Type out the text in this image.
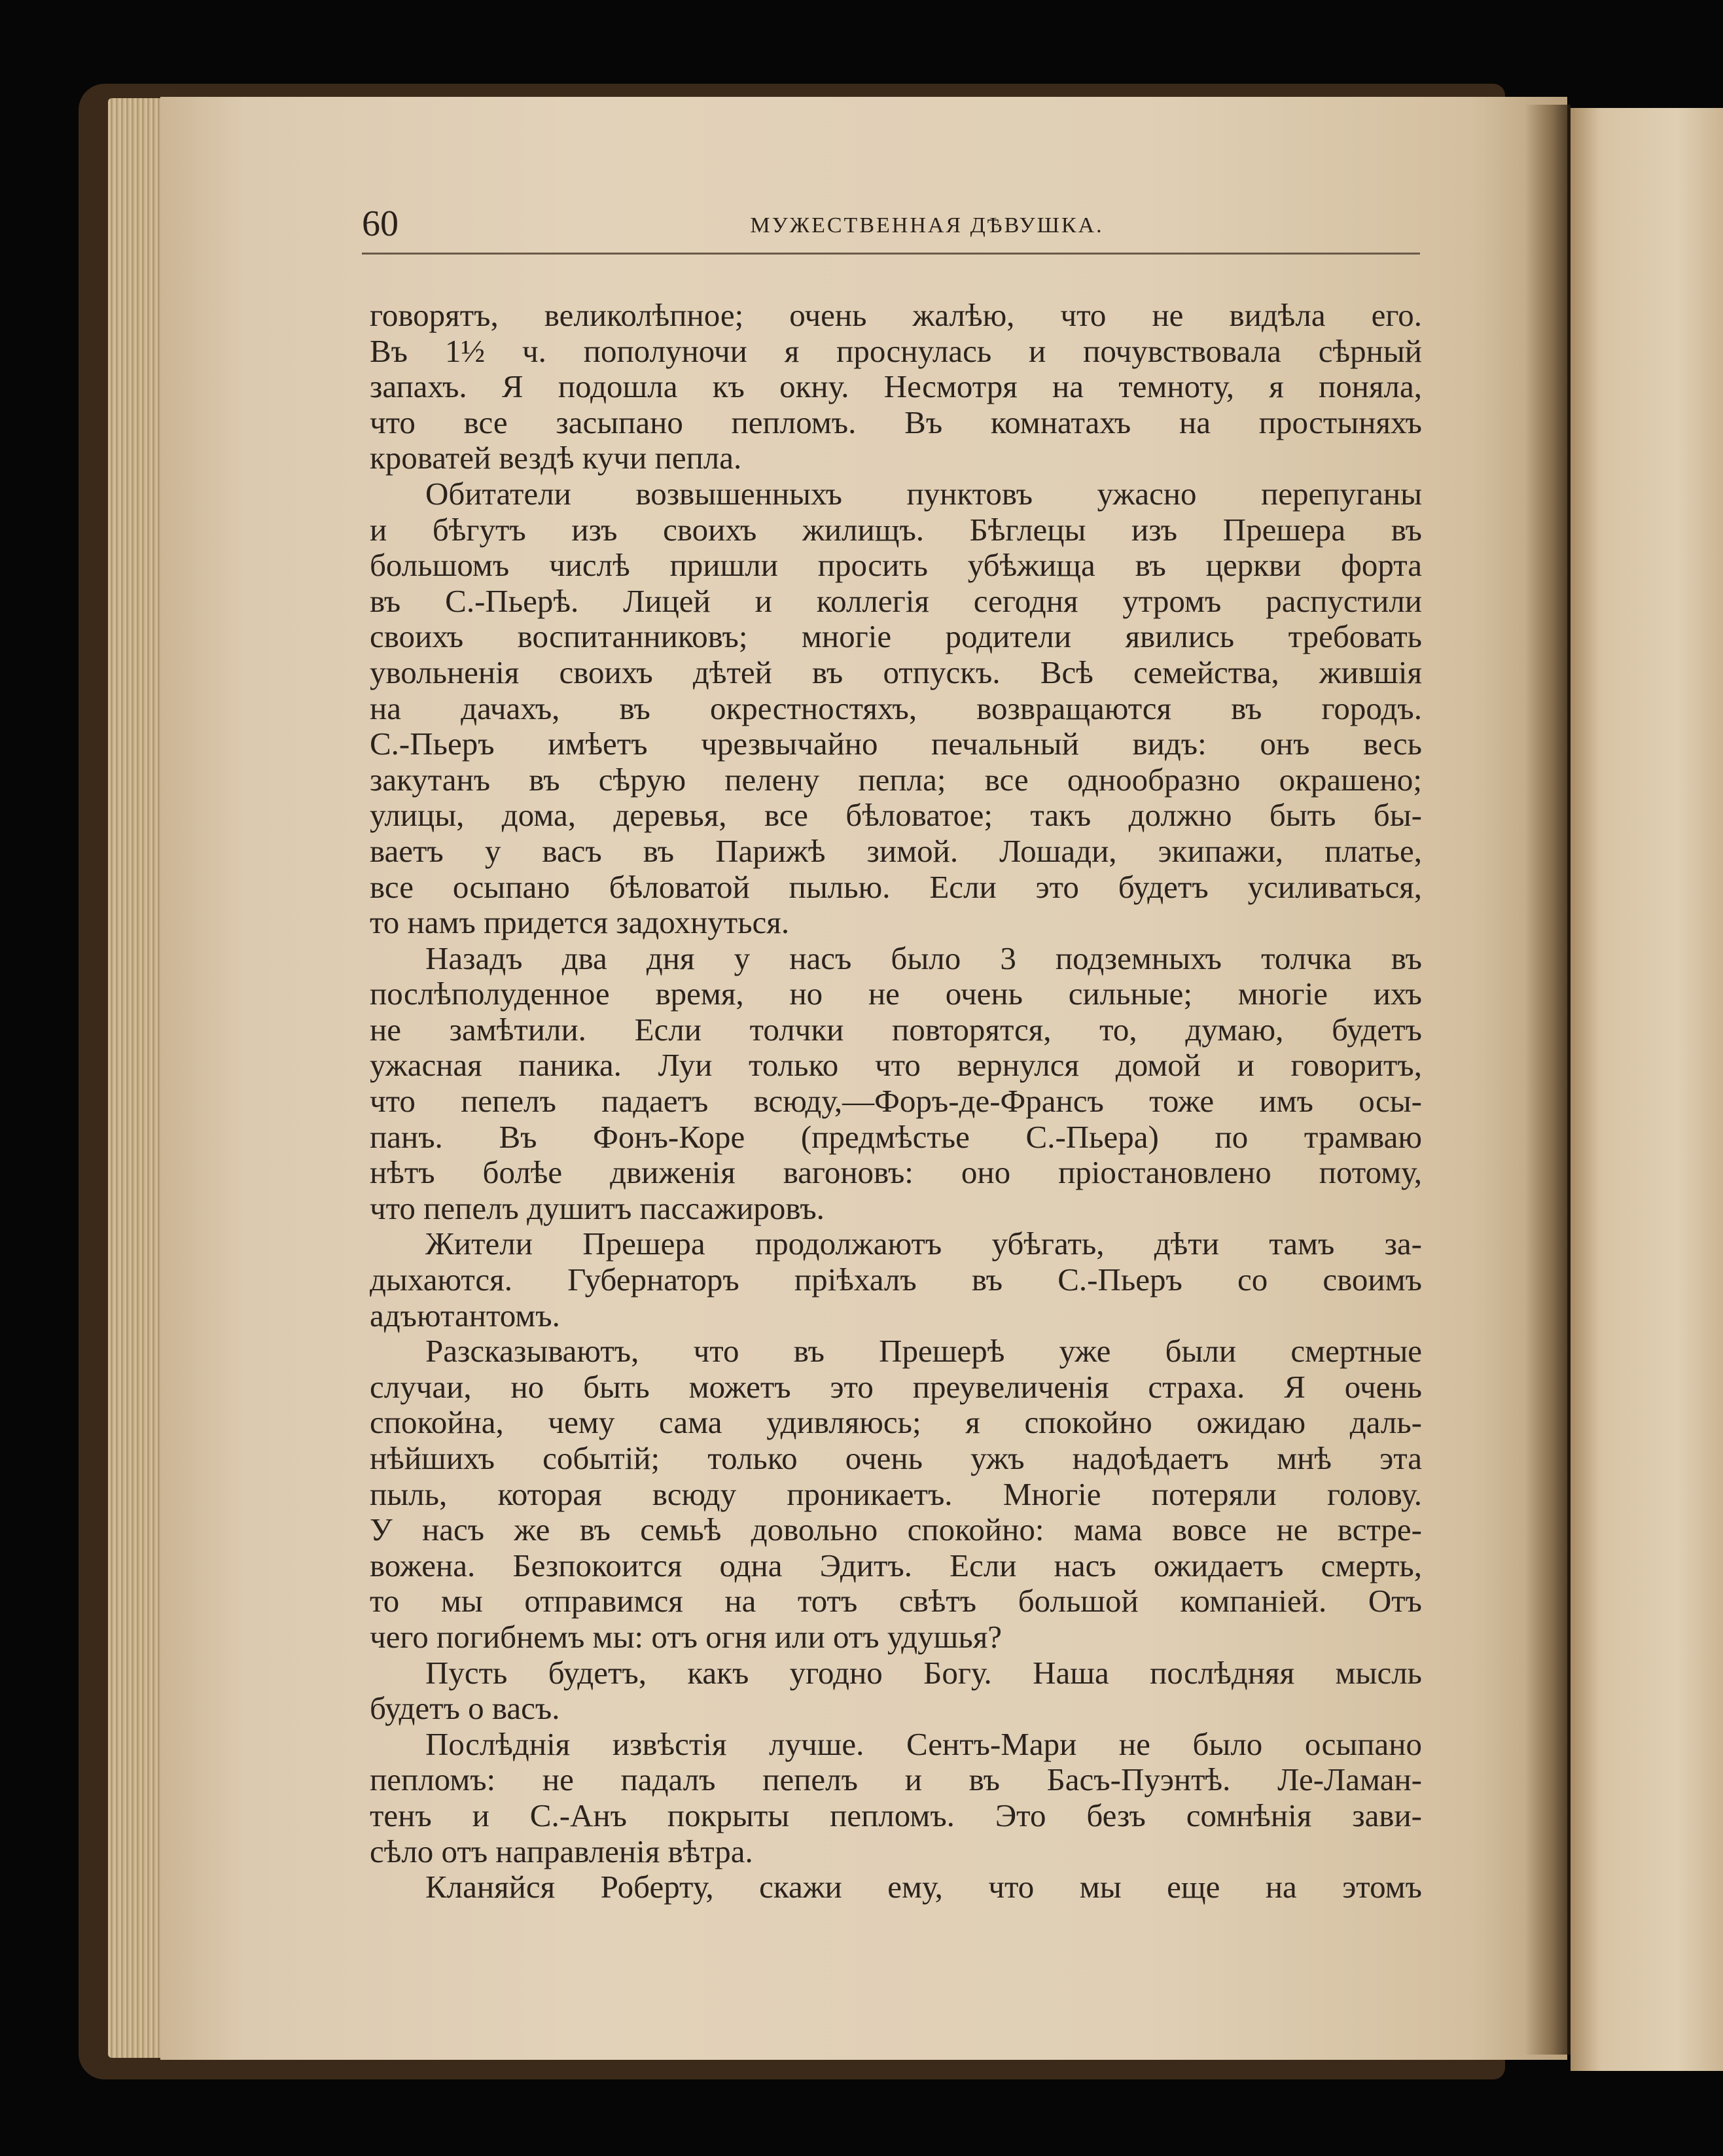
60	МУЖЕСТВЕННАЯ ДѢВУШКА.
говорятъ, великолѣпное; очень жалѣю, что не видѣла его.
Въ 1½ ч. пополуночи я проснулась и почувствовала сѣрный
запахъ. Я подошла къ окну. Несмотря на темноту, я поняла,
что все засыпано пепломъ. Въ комнатахъ на простыняхъ
кроватей вездѣ кучи пепла.
Обитатели возвышенныхъ пунктовъ ужасно перепуганы
и бѣгутъ изъ своихъ жилищъ. Бѣглецы изъ Прешера въ
большомъ числѣ пришли просить убѣжища въ церкви форта
въ С.-Пьерѣ. Лицей и коллегія сегодня утромъ распустили
своихъ воспитанниковъ; многіе родители явились требовать
увольненія своихъ дѣтей въ отпускъ. Всѣ семейства, жившія
на дачахъ, въ окрестностяхъ, возвращаются въ городъ.
С.-Пьеръ имѣетъ чрезвычайно печальный видъ: онъ весь
закутанъ въ сѣрую пелену пепла; все однообразно окрашено;
улицы, дома, деревья, все бѣловатое; такъ должно быть бы-
ваетъ у васъ въ Парижѣ зимой. Лошади, экипажи, платье,
все осыпано бѣловатой пылью. Если это будетъ усиливаться,
то намъ придется задохнуться.
Назадъ два дня у насъ было 3 подземныхъ толчка въ
послѣполуденное время, но не очень сильные; многіе ихъ
не замѣтили. Если толчки повторятся, то, думаю, будетъ
ужасная паника. Луи только что вернулся домой и говоритъ,
что пепелъ падаетъ всюду,—Форъ-де-Франсъ тоже имъ осы-
панъ. Въ Фонъ-Коре (предмѣстье С.-Пьера) по трамваю
нѣтъ болѣе движенія вагоновъ: оно пріостановлено потому,
что пепелъ душитъ пассажировъ.
Жители Прешера продолжаютъ убѣгать, дѣти тамъ за-
дыхаются. Губернаторъ пріѣхалъ въ С.-Пьеръ со своимъ
адъютантомъ.
Разсказываютъ, что въ Прешерѣ уже были смертные
случаи, но быть можетъ это преувеличенія страха. Я очень
спокойна, чему сама удивляюсь; я спокойно ожидаю даль-
нѣйшихъ событій; только очень ужъ надоѣдаетъ мнѣ эта
пыль, которая всюду проникаетъ. Многіе потеряли голову.
У насъ же въ семьѣ довольно спокойно: мама вовсе не встре-
вожена. Безпокоится одна Эдитъ. Если насъ ожидаетъ смерть,
то мы отправимся на тотъ свѣтъ большой компаніей. Отъ
чего погибнемъ мы: отъ огня или отъ удушья?
Пусть будетъ, какъ угодно Богу. Наша послѣдняя мысль
будетъ о васъ.
Послѣднія извѣстія лучше. Сентъ-Мари не было осыпано
пепломъ: не падалъ пепелъ и въ Басъ-Пуэнтѣ. Ле-Ламан-
тенъ и С.-Анъ покрыты пепломъ. Это безъ сомнѣнія зави-
сѣло отъ направленія вѣтра.
Кланяйся Роберту, скажи ему, что мы еще на этомъ
